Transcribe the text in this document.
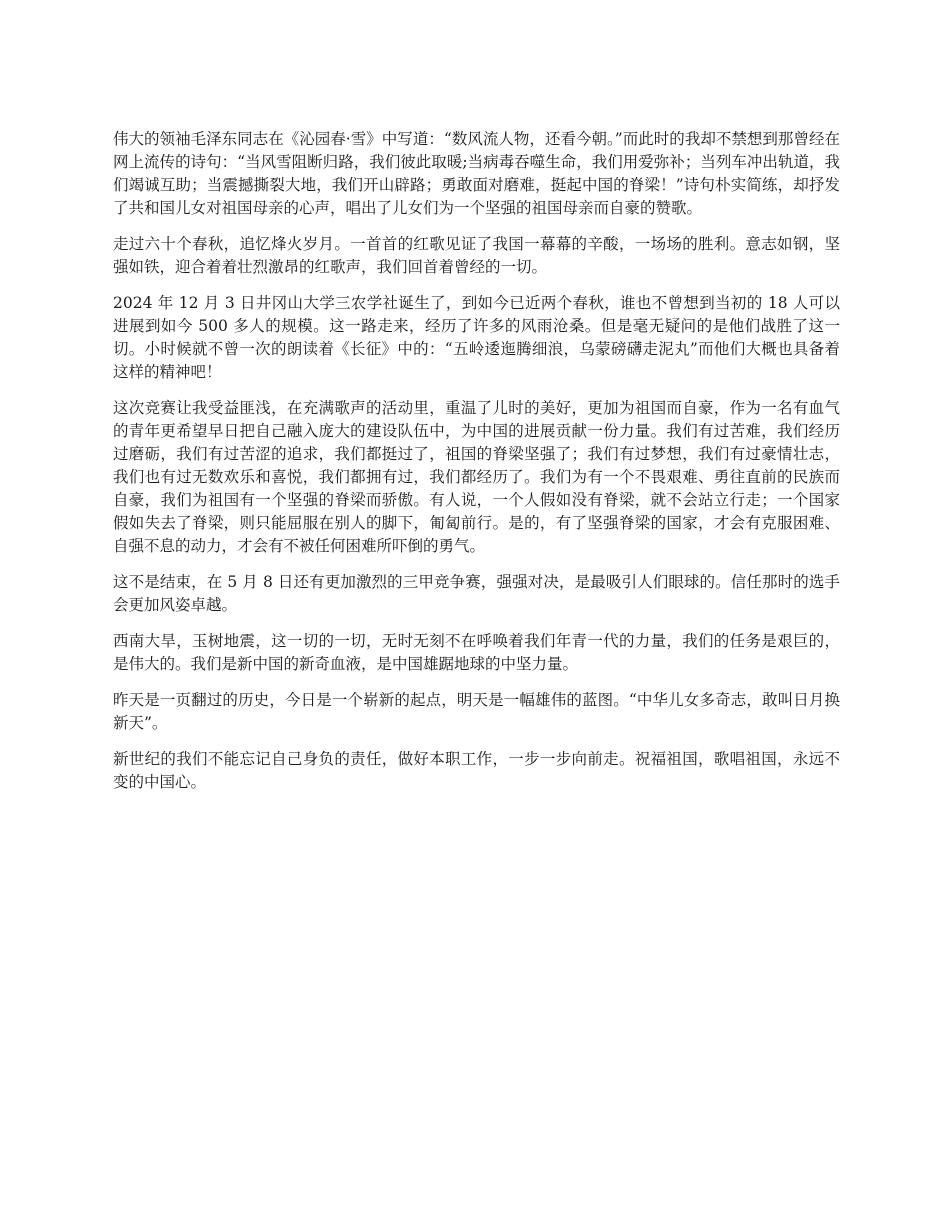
伟大的领袖毛泽东同志在《沁园春·雪》中写道：“数风流人物，还看今朝。”而此时的我却不禁想到那曾经在网上流传的诗句：“当风雪阻断归路，我们彼此取暖;当病毒吞噬生命，我们用爱弥补；当列车冲出轨道，我们竭诚互助；当震撼撕裂大地，我们开山辟路；勇敢面对磨难，挺起中国的脊梁！”诗句朴实简练，却抒发了共和国儿女对祖国母亲的心声，唱出了儿女们为一个坚强的祖国母亲而自豪的赞歌。

走过六十个春秋，追忆烽火岁月。一首首的红歌见证了我国一幕幕的辛酸，一场场的胜利。意志如钢，坚强如铁，迎合着着壮烈激昂的红歌声，我们回首着曾经的一切。

2024 年 12 月 3 日井冈山大学三农学社诞生了，到如今已近两个春秋，谁也不曾想到当初的 18 人可以进展到如今 500 多人的规模。这一路走来，经历了许多的风雨沧桑。但是毫无疑问的是他们战胜了这一切。小时候就不曾一次的朗读着《长征》中的：“五岭逶迤腾细浪，乌蒙磅礴走泥丸”而他们大概也具备着这样的精神吧！

这次竞赛让我受益匪浅，在充满歌声的活动里，重温了儿时的美好，更加为祖国而自豪，作为一名有血气的青年更希望早日把自己融入庞大的建设队伍中，为中国的进展贡献一份力量。我们有过苦难，我们经历过磨砺，我们有过苦涩的追求，我们都挺过了，祖国的脊梁坚强了；我们有过梦想，我们有过豪情壮志，我们也有过无数欢乐和喜悦，我们都拥有过，我们都经历了。我们为有一个不畏艰难、勇往直前的民族而自豪，我们为祖国有一个坚强的脊梁而骄傲。有人说，一个人假如没有脊梁，就不会站立行走；一个国家假如失去了脊梁，则只能屈服在别人的脚下，匍匐前行。是的，有了坚强脊梁的国家，才会有克服困难、自强不息的动力，才会有不被任何困难所吓倒的勇气。

这不是结束，在 5 月 8 日还有更加激烈的三甲竞争赛，强强对决，是最吸引人们眼球的。信任那时的选手会更加风姿卓越。

西南大旱，玉树地震，这一切的一切，无时无刻不在呼唤着我们年青一代的力量，我们的任务是艰巨的，是伟大的。我们是新中国的新奇血液，是中国雄踞地球的中坚力量。

昨天是一页翻过的历史，今日是一个崭新的起点，明天是一幅雄伟的蓝图。“中华儿女多奇志，敢叫日月换新天”。

新世纪的我们不能忘记自己身负的责任，做好本职工作，一步一步向前走。祝福祖国，歌唱祖国，永远不变的中国心。
